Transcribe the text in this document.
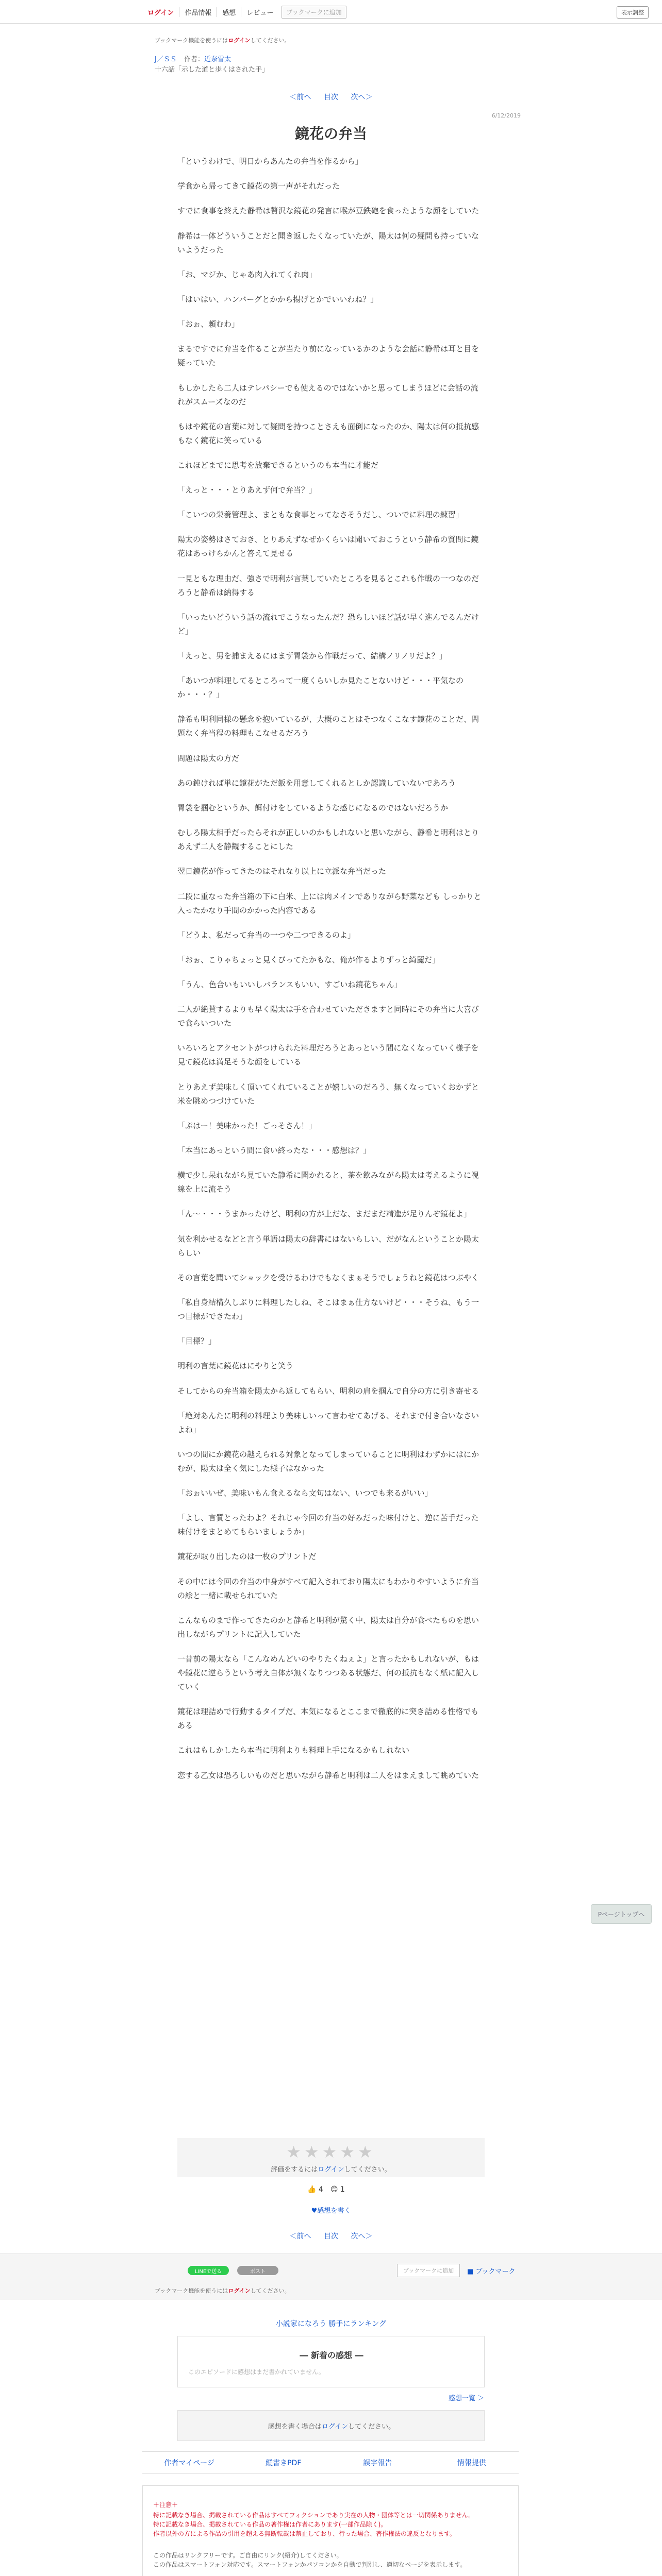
ログイン	作品情報	感想	レビュー	ブックマークに追加	表示調整
ブックマーク機能を使うにはログインしてください。
J／ＳＳ 作者：近奈雪太
十六話「示した道と歩くはされた手」
＜前へ 目次 次へ＞
6/12/2019
鏡花の弁当

「というわけで、明日からあんたの弁当を作るから」

学食から帰ってきて鏡花の第一声がそれだった

すでに食事を終えた静希は贅沢な鏡花の発言に喉が豆鉄砲を食ったような顔をしていた

静希は一体どういうことだと聞き返したくなっていたが、陽太は何の疑問も持っていないようだった

「お、マジか、じゃあ肉入れてくれ肉」

「はいはい、ハンバーグとかから揚げとかでいいわね？」

「おぉ、頼むわ」

まるですでに弁当を作ることが当たり前になっているかのような会話に静希は耳と目を疑っていた

もしかしたら二人はテレパシーでも使えるのではないかと思ってしまうほどに会話の流れがスムーズなのだ

もはや鏡花の言葉に対して疑問を持つことさえも面倒になったのか、陽太は何の抵抗感もなく鏡花に笑っている

これほどまでに思考を放棄できるというのも本当に才能だ

「えっと・・・とりあえず何で弁当？」

「こいつの栄養管理よ、まともな食事とってなさそうだし、ついでに料理の練習」

陽太の姿勢はさておき、とりあえずなぜかくらいは聞いておこうという静希の質問に鏡花はあっけらかんと答えて見せる

一見ともな理由だ、強さで明利が言葉していたところを見るとこれも作戦の一つなのだろうと静希は納得する

「いったいどういう話の流れでこうなったんだ？恐らしいほど話が早く進んでるんだけど」

「えっと、男を捕まえるにはまず胃袋から作戦だって、結構ノリノリだよ？」

「あいつが料理してるところって一度くらいしか見たことないけど・・・平気なのか・・・？」

静希も明利同様の懸念を抱いているが、大概のことはそつなくこなす鏡花のことだ、問題なく弁当程の料理もこなせるだろう

問題は陽太の方だ

あの鈍ければ単に鏡花がただ飯を用意してくれるとしか認識していないであろう

胃袋を掴むというか、餌付けをしているような感じになるのではないだろうか

むしろ陽太相手だったらそれが正しいのかもしれないと思いながら、静希と明利はとりあえず二人を静観することにした

翌日鏡花が作ってきたのはそれなり以上に立派な弁当だった

二段に重なった弁当箱の下に白米、上には肉メインでありながら野菜なども しっかりと入ったかなり手間のかかった内容である

「どうよ、私だって弁当の一つや二つできるのよ」

「おぉ、こりゃちょっと見くびってたかもな、俺が作るよりずっと綺麗だ」

「うん、色合いもいいしバランスもいい、すごいね鏡花ちゃん」

二人が絶賛するよりも早く陽太は手を合わせていただきますと同時にその弁当に大喜びで食らいついた

いろいろとアクセントがつけられた料理だろうとあっという間になくなっていく様子を見て鏡花は満足そうな顔をしている

とりあえず美味しく頂いてくれていることが嬉しいのだろう、無くなっていくおかずと米を眺めつづけていた

「ぷはー！美味かった！ごっそさん！」

「本当にあっという間に食い終ったな・・・感想は？」

横で少し呆れながら見ていた静希に聞かれると、茶を飲みながら陽太は考えるように視線を上に流そう

「ん〜・・・うまかったけど、明利の方が上だな、まだまだ精進が足りんぞ鏡花よ」

気を利かせるなどと言う単語は陽太の辞書にはないらしい、だがなんということか陽太らしい

その言葉を聞いてショックを受けるわけでもなくまぁそうでしょうねと鏡花はつぶやく

「私自身結構久しぶりに料理したしね、そこはまぁ仕方ないけど・・・そうね、もう一つ目標ができたわ」

「目標？」

明利の言葉に鏡花はにやりと笑う

そしてからの弁当箱を陽太から返してもらい、明利の肩を掴んで自分の方に引き寄せる

「絶対あんたに明利の料理より美味しいって言わせてあげる、それまで付き合いなさいよね」

いつの間にか鏡花の越えられる対象となってしまっていることに明利はわずかにはにかむが、陽太は全く気にした様子はなかった

「おぉいいぜ、美味いもん食えるなら文句はない、いつでも来るがいい」

「よし、言質とったわよ？それじゃ今回の弁当の好みだった味付けと、逆に苦手だった味付けをまとめてもらいましょうか」

鏡花が取り出したのは一枚のプリントだ

その中には今回の弁当の中身がすべて記入されており陽太にもわかりやすいように弁当の絵と一緒に載せられていた

こんなものまで作ってきたのかと静希と明利が驚く中、陽太は自分が食べたものを思い出しながらプリントに記入していた

一昔前の陽太なら「こんなめんどいのやりたくねぇよ」と言ったかもしれないが、もはや鏡花に逆らうという考え自体が無くなりつつある状態だ、何の抵抗もなく紙に記入していく

鏡花は理詰めで行動するタイプだ、本気になるとここまで徹底的に突き詰める性格でもある

これはもしかしたら本当に明利よりも料理上手になるかもしれない

恋する乙女は恐ろしいものだと思いながら静希と明利は二人をはまえまして眺めていた

Pページトップへ
★★★★★
評価をするにはログインしてください。
👍 4 😊 1
♥感想を書く
＜前へ 目次 次へ＞
LINEで送る	ポスト	ブックマークに追加	■ ブックマーク
ブックマーク機能を使うにはログインしてください。
小説家になろう 勝手にランキング
― 新着の感想 ―
このエピソードに感想はまだ書かれていません。
感想一覧 ＞
感想を書く場合はログインしてください。
作者マイページ	縦書きPDF	誤字報告	情報提供
＋注意＋
特に記載なき場合、掲載されている作品はすべてフィクションであり実在の人物・団体等とは一切関係ありません。
特に記載なき場合、掲載されている作品の著作権は作者にあります(一部作品除く)。
作者以外の方による作品の引用を超える無断転載は禁止しており、行った場合、著作権法の違反となります。
この作品はリンクフリーです。ご自由にリンク(紹介)してください。
この作品はスマートフォン対応です。スマートフォンかパソコンかを自動で判別し、適切なページを表示します。
